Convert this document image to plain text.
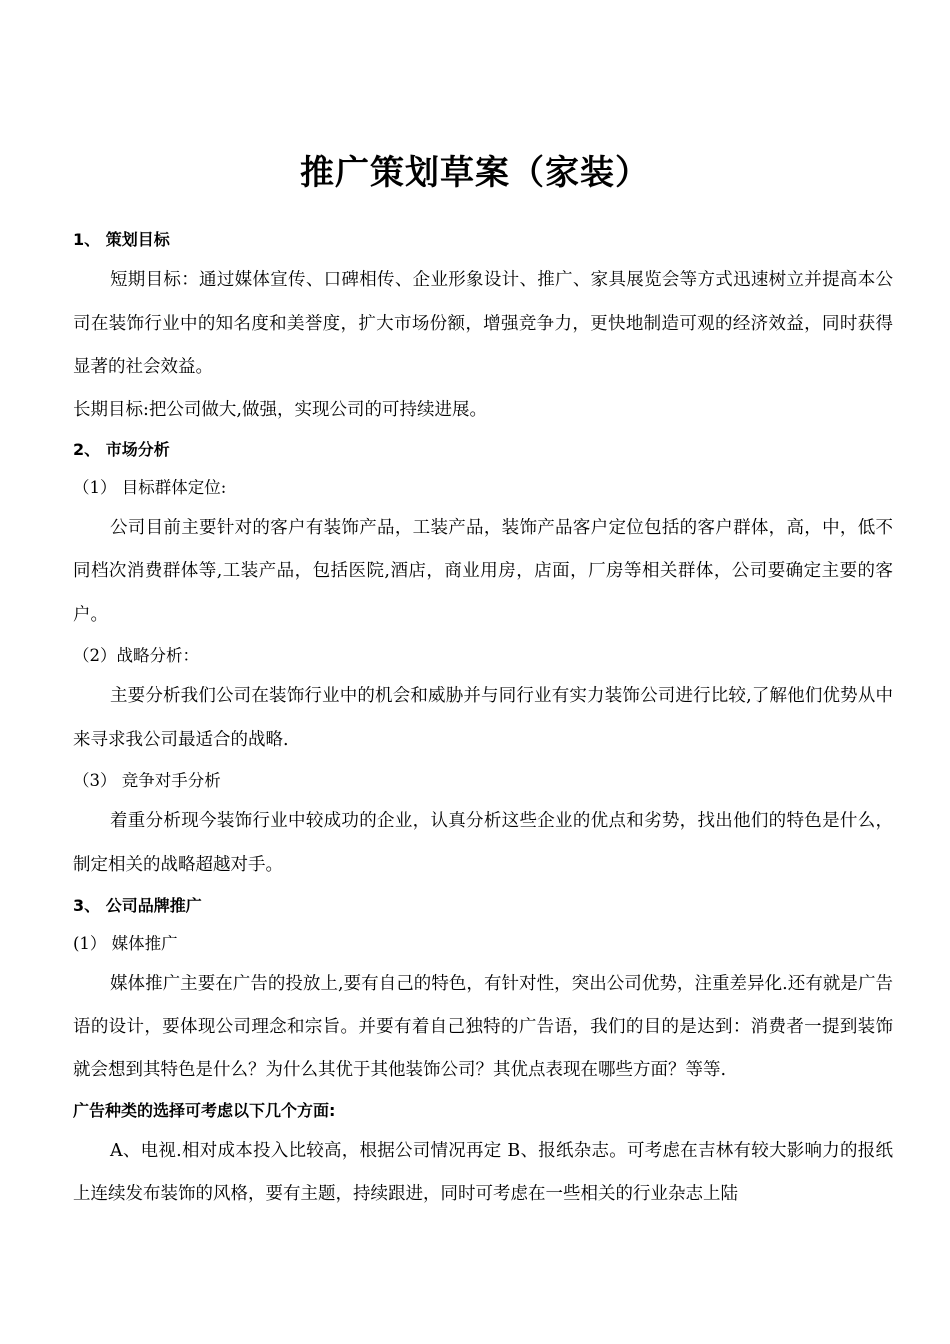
推广策划草案（家装）
1、 策划目标
短期目标：通过媒体宣传、口碑相传、企业形象设计、推广、家具展览会等方式迅速树立并提高本公司在装饰行业中的知名度和美誉度，扩大市场份额，增强竞争力，更快地制造可观的经济效益，同时获得显著的社会效益。
长期目标:把公司做大,做强，实现公司的可持续进展。
2、 市场分析
（1） 目标群体定位:
公司目前主要针对的客户有装饰产品，工装产品，装饰产品客户定位包括的客户群体，高，中，低不同档次消费群体等,工装产品，包括医院,酒店，商业用房，店面，厂房等相关群体，公司要确定主要的客户。
（2）战略分析：
主要分析我们公司在装饰行业中的机会和威胁并与同行业有实力装饰公司进行比较,了解他们优势从中来寻求我公司最适合的战略.
（3） 竞争对手分析
着重分析现今装饰行业中较成功的企业，认真分析这些企业的优点和劣势，找出他们的特色是什么，制定相关的战略超越对手。
3、 公司品牌推广
(1） 媒体推广
媒体推广主要在广告的投放上,要有自己的特色，有针对性，突出公司优势，注重差异化.还有就是广告语的设计，要体现公司理念和宗旨。并要有着自己独特的广告语，我们的目的是达到：消费者一提到装饰就会想到其特色是什么？为什么其优于其他装饰公司？其优点表现在哪些方面？等等.
广告种类的选择可考虑以下几个方面:
A、电视.相对成本投入比较高，根据公司情况再定 B、报纸杂志。可考虑在吉林有较大影响力的报纸上连续发布装饰的风格，要有主题，持续跟进，同时可考虑在一些相关的行业杂志上陆
